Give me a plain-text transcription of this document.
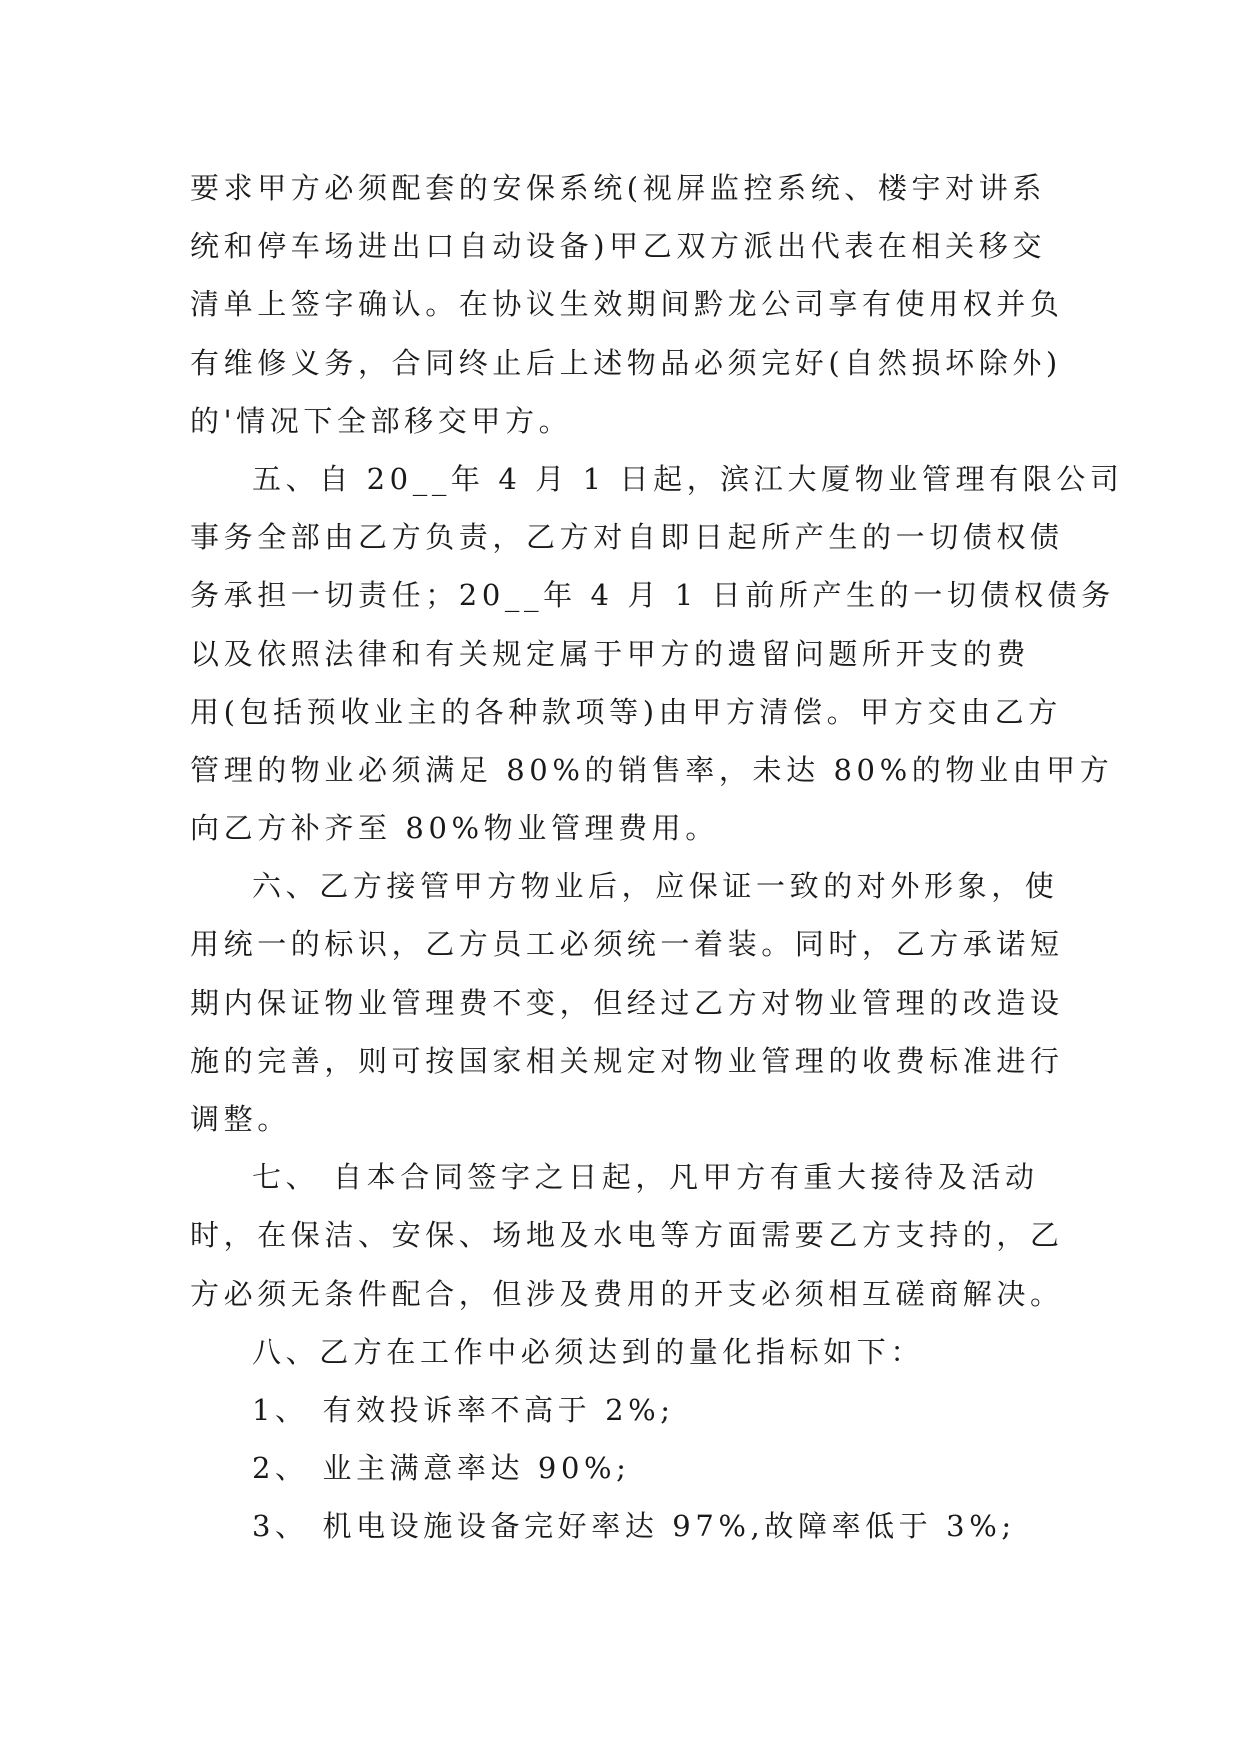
要求甲方必须配套的安保系统(视屏监控系统、楼宇对讲系
统和停车场进出口自动设备)甲乙双方派出代表在相关移交
清单上签字确认。在协议生效期间黔龙公司享有使用权并负
有维修义务，合同终止后上述物品必须完好(自然损坏除外)
的'情况下全部移交甲方。
五、自 20__年 4 月 1 日起，滨江大厦物业管理有限公司
事务全部由乙方负责，乙方对自即日起所产生的一切债权债
务承担一切责任；20__年 4 月 1 日前所产生的一切债权债务
以及依照法律和有关规定属于甲方的遗留问题所开支的费
用(包括预收业主的各种款项等)由甲方清偿。甲方交由乙方
管理的物业必须满足 80%的销售率，未达 80%的物业由甲方
向乙方补齐至 80%物业管理费用。
六、乙方接管甲方物业后，应保证一致的对外形象，使
用统一的标识，乙方员工必须统一着装。同时，乙方承诺短
期内保证物业管理费不变，但经过乙方对物业管理的改造设
施的完善，则可按国家相关规定对物业管理的收费标准进行
调整。
七、 自本合同签字之日起，凡甲方有重大接待及活动
时，在保洁、安保、场地及水电等方面需要乙方支持的，乙
方必须无条件配合，但涉及费用的开支必须相互磋商解决。
八、乙方在工作中必须达到的量化指标如下：
1、 有效投诉率不高于 2%;
2、 业主满意率达 90%;
3、 机电设施设备完好率达 97%,故障率低于 3%;
